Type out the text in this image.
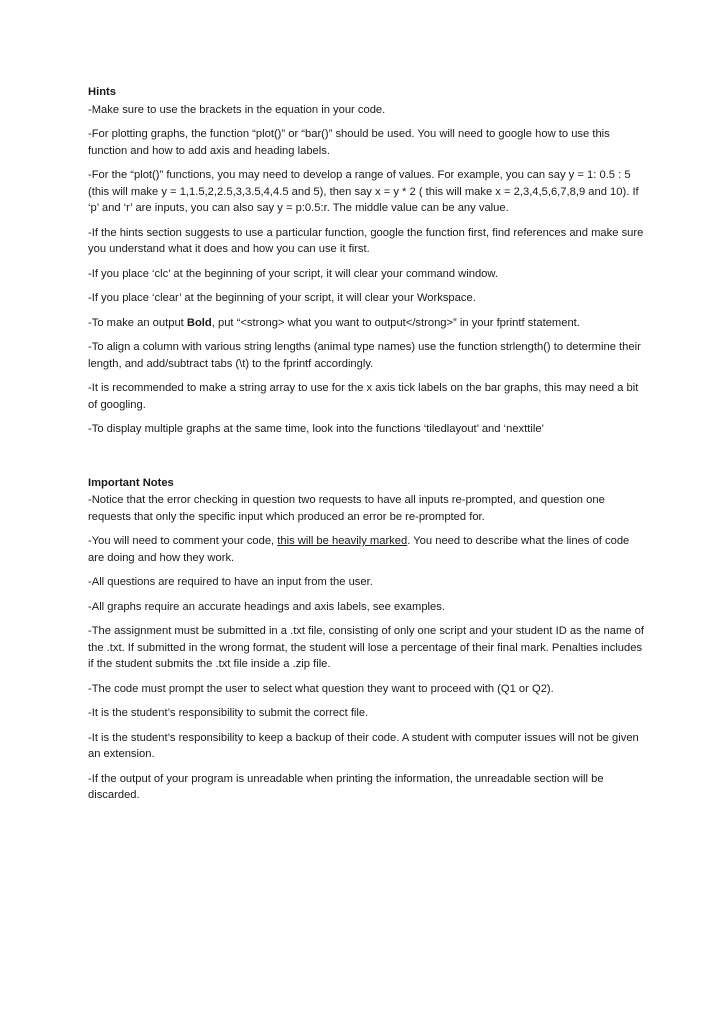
Hints

-Make sure to use the brackets in the equation in your code.

-For plotting graphs, the function “plot()” or “bar()” should be used. You will need to google how to use this function and how to add axis and heading labels.

-For the “plot()” functions, you may need to develop a range of values. For example, you can say y = 1: 0.5 : 5 (this will make y = 1,1.5,2,2.5,3,3.5,4,4.5 and 5), then say x = y * 2 ( this will make x = 2,3,4,5,6,7,8,9 and 10). If ‘p’ and ‘r’ are inputs, you can also say y = p:0.5:r. The middle value can be any value.

-If the hints section suggests to use a particular function, google the function first, find references and make sure you understand what it does and how you can use it first.

-If you place ‘clc’ at the beginning of your script, it will clear your command window.

-If you place ‘clear’ at the beginning of your script, it will clear your Workspace.

-To make an output Bold, put “<strong> what you want to output</strong>” in your fprintf statement.

-To align a column with various string lengths (animal type names) use the function strlength() to determine their length, and add/subtract tabs (\t) to the fprintf accordingly.

-It is recommended to make a string array to use for the x axis tick labels on the bar graphs, this may need a bit of googling.

-To display multiple graphs at the same time, look into the functions ‘tiledlayout’ and ‘nexttile’

Important Notes

-Notice that the error checking in question two requests to have all inputs re-prompted, and question one requests that only the specific input which produced an error be re-prompted for.

-You will need to comment your code, this will be heavily marked. You need to describe what the lines of code are doing and how they work.

-All questions are required to have an input from the user.

-All graphs require an accurate headings and axis labels, see examples.

-The assignment must be submitted in a .txt file, consisting of only one script and your student ID as the name of the .txt. If submitted in the wrong format, the student will lose a percentage of their final mark. Penalties includes if the student submits the .txt file inside a .zip file.

-The code must prompt the user to select what question they want to proceed with (Q1 or Q2).

-It is the student’s responsibility to submit the correct file.

-It is the student’s responsibility to keep a backup of their code. A student with computer issues will not be given an extension.

-If the output of your program is unreadable when printing the information, the unreadable section will be discarded.
